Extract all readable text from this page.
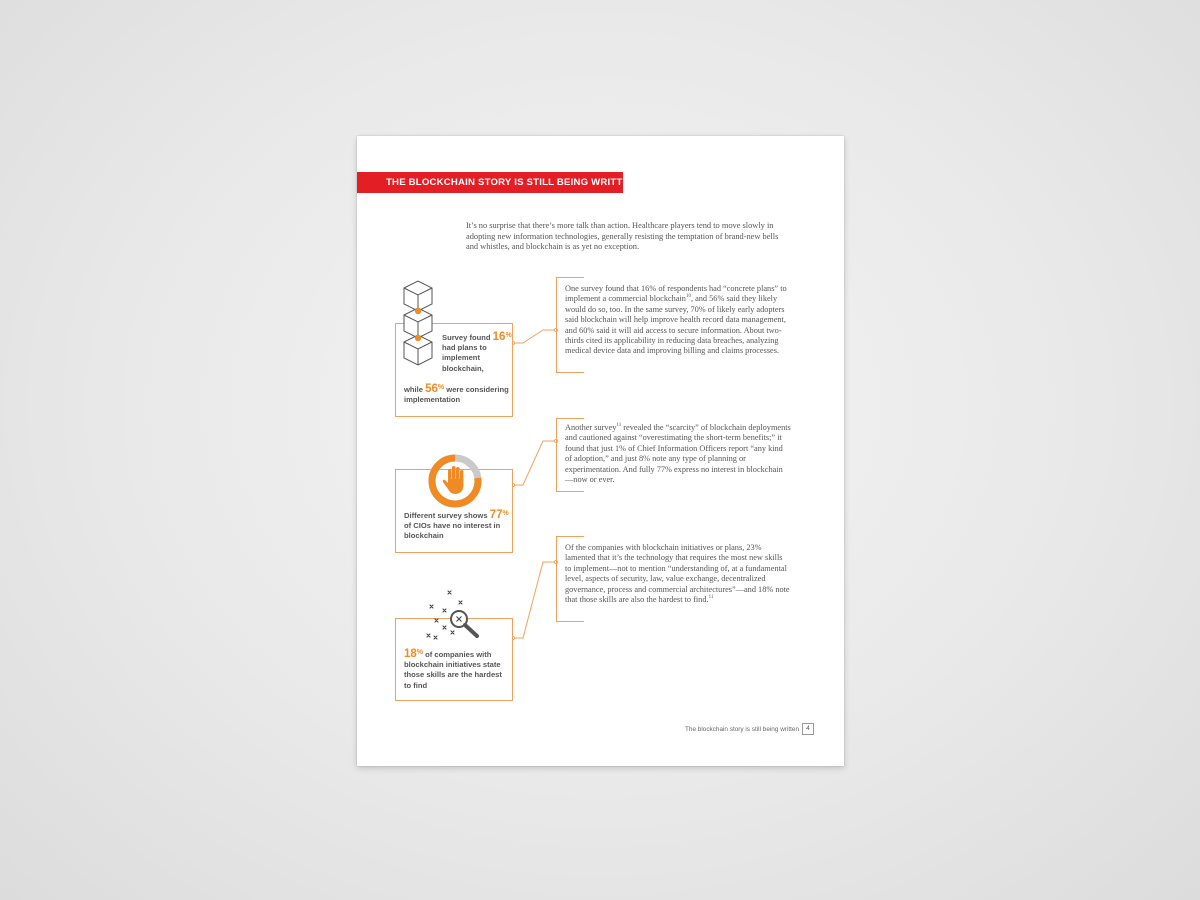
THE BLOCKCHAIN STORY IS STILL BEING WRITTEN
It’s no surprise that there’s more talk than action. Healthcare players tend to move slowly in adopting new information technologies, generally resisting the temptation of brand-new bells and whistles, and blockchain is as yet no exception.
Survey found 16%
had plans to
implement
blockchain,
while 56% were considering
implementation
One survey found that 16% of respondents had “concrete plans” to implement a commercial blockchain$^{10}$, and 56% said they likely would do so, too. In the same survey, 70% of likely early adopters said blockchain will help improve health record data management, and 60% said it will aid access to secure information. About two-thirds cited its applicability in reducing data breaches, analyzing medical device data and improving billing and claims processes.
Different survey shows 77%
of CIOs have no interest in
blockchain
Another survey$^{11}$ revealed the “scarcity” of blockchain deployments and cautioned against “overestimating the short-term benefits;” it found that just 1% of Chief Information Officers report “any kind of adoption,” and just 8% note any type of planning or experimentation. And fully 77% express no interest in blockchain—now or ever.
18% of companies with
blockchain initiatives state
those skills are the hardest
to find
Of the companies with blockchain initiatives or plans, 23% lamented that it’s the technology that requires the most new skills to implement—not to mention “understanding of, at a fundamental level, aspects of security, law, value exchange, decentralized governance, process and commercial architectures”—and 18% note that those skills are also the hardest to find.$^{11}$
The blockchain story is still being written	4
